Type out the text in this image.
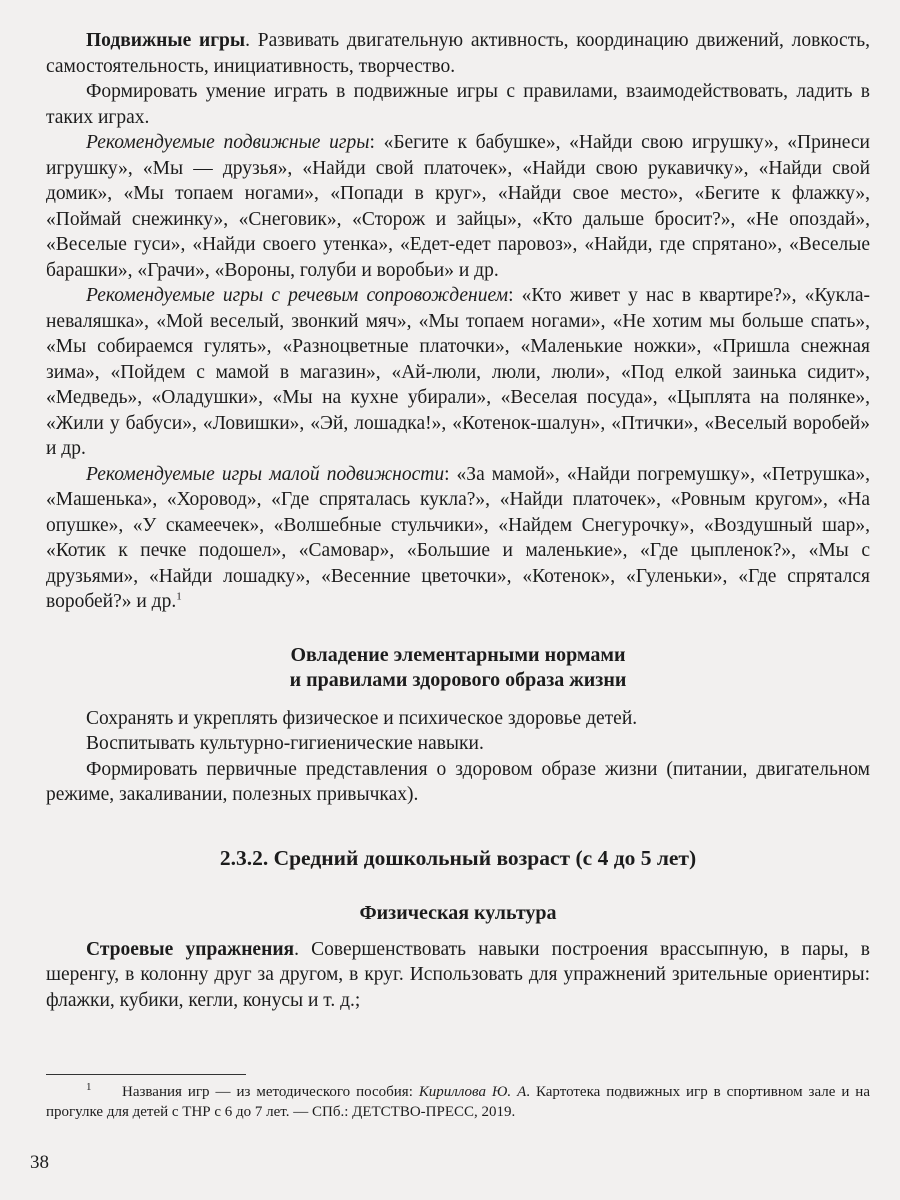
Подвижные игры. Развивать двигательную активность, координацию движений, ловкость, самостоятельность, инициативность, творчество.

Формировать умение играть в подвижные игры с правилами, взаимодействовать, ладить в таких играх.

Рекомендуемые подвижные игры: «Бегите к бабушке», «Найди свою игрушку», «Принеси игрушку», «Мы — друзья», «Найди свой платочек», «Найди свою рукавичку», «Найди свой домик», «Мы топаем ногами», «Попади в круг», «Найди свое место», «Бегите к флажку», «Поймай снежинку», «Снеговик», «Сторож и зайцы», «Кто дальше бросит?», «Не опоздай», «Веселые гуси», «Найди своего утенка», «Едет-едет паровоз», «Найди, где спрятано», «Веселые барашки», «Грачи», «Вороны, голуби и воробьи» и др.

Рекомендуемые игры с речевым сопровождением: «Кто живет у нас в квартире?», «Кукла-неваляшка», «Мой веселый, звонкий мяч», «Мы топаем ногами», «Не хотим мы больше спать», «Мы собираемся гулять», «Разноцветные платочки», «Маленькие ножки», «Пришла снежная зима», «Пойдем с мамой в магазин», «Ай-люли, люли, люли», «Под елкой заинька сидит», «Медведь», «Оладушки», «Мы на кухне убирали», «Веселая посуда», «Цыплята на полянке», «Жили у бабуси», «Ловишки», «Эй, лошадка!», «Котенок-шалун», «Птички», «Веселый воробей» и др.

Рекомендуемые игры малой подвижности: «За мамой», «Найди погремушку», «Петрушка», «Машенька», «Хоровод», «Где спряталась кукла?», «Найди платочек», «Ровным кругом», «На опушке», «У скамеечек», «Волшебные стульчики», «Найдем Снегурочку», «Воздушный шар», «Котик к печке подошел», «Самовар», «Большие и маленькие», «Где цыпленок?», «Мы с друзьями», «Найди лошадку», «Весенние цветочки», «Котенок», «Гуленьки», «Где спрятался воробей?» и др.$^1$

Овладение элементарными нормами
и правилами здорового образа жизни

Сохранять и укреплять физическое и психическое здоровье детей.

Воспитывать культурно-гигиенические навыки.

Формировать первичные представления о здоровом образе жизни (питании, двигательном режиме, закаливании, полезных привычках).

2.3.2. Средний дошкольный возраст (с 4 до 5 лет)
Физическая культура

Строевые упражнения. Совершенствовать навыки построения врассыпную, в пары, в шеренгу, в колонну друг за другом, в круг. Использовать для упражнений зрительные ориентиры: флажки, кубики, кегли, конусы и т. д.;

1 Названия игр — из методического пособия: Кириллова Ю. А. Картотека подвижных игр в спортивном зале и на прогулке для детей с ТНР с 6 до 7 лет. — СПб.: ДЕТСТВО-ПРЕСС, 2019.
38
